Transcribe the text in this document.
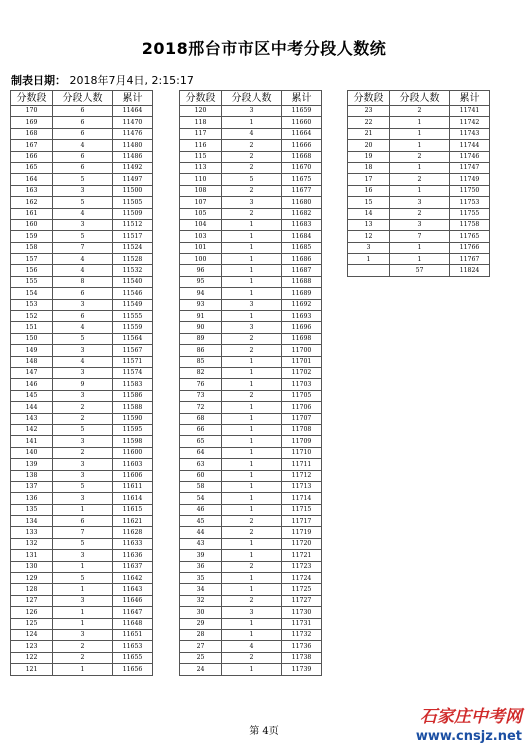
2018邢台市市区中考分段人数统
制表日期： 2018年7月4日, 2:15:17
分数段	分段人数	累计
170	6	11464
169	6	11470
168	6	11476
167	4	11480
166	6	11486
165	6	11492
164	5	11497
163	3	11500
162	5	11505
161	4	11509
160	3	11512
159	5	11517
158	7	11524
157	4	11528
156	4	11532
155	8	11540
154	6	11546
153	3	11549
152	6	11555
151	4	11559
150	5	11564
149	3	11567
148	4	11571
147	3	11574
146	9	11583
145	3	11586
144	2	11588
143	2	11590
142	5	11595
141	3	11598
140	2	11600
139	3	11603
138	3	11606
137	5	11611
136	3	11614
135	1	11615
134	6	11621
133	7	11628
132	5	11633
131	3	11636
130	1	11637
129	5	11642
128	1	11643
127	3	11646
126	1	11647
125	1	11648
124	3	11651
123	2	11653
122	2	11655
121	1	11656
分数段	分段人数	累计
120	3	11659
118	1	11660
117	4	11664
116	2	11666
115	2	11668
113	2	11670
110	5	11675
108	2	11677
107	3	11680
105	2	11682
104	1	11683
103	1	11684
101	1	11685
100	1	11686
96	1	11687
95	1	11688
94	1	11689
93	3	11692
91	1	11693
90	3	11696
89	2	11698
86	2	11700
85	1	11701
82	1	11702
76	1	11703
73	2	11705
72	1	11706
68	1	11707
66	1	11708
65	1	11709
64	1	11710
63	1	11711
60	1	11712
58	1	11713
54	1	11714
46	1	11715
45	2	11717
44	2	11719
43	1	11720
39	1	11721
36	2	11723
35	1	11724
34	1	11725
32	2	11727
30	3	11730
29	1	11731
28	1	11732
27	4	11736
25	2	11738
24	1	11739
分数段	分段人数	累计
23	2	11741
22	1	11742
21	1	11743
20	1	11744
19	2	11746
18	1	11747
17	2	11749
16	1	11750
15	3	11753
14	2	11755
13	3	11758
12	7	11765
3	1	11766
1	1	11767
	57	11824
第 4页
石家庄中考网
www.cnsjz.net
